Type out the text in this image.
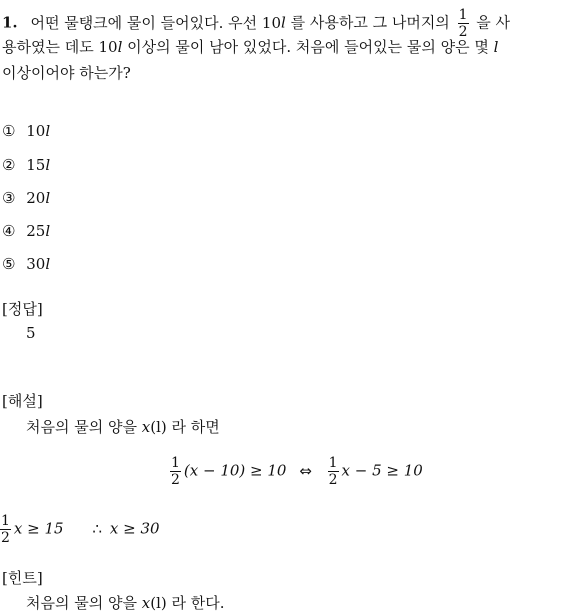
1. 어떤 물탱크에 물이 들어있다. 우선 10l 를 사용하고 그 나머지의 $\frac{1}{2}$ 을 사
용하였는 데도 10l 이상의 물이 남아 있었다. 처음에 들어있는 물의 양은 몇 l
이상이어야 하는가?
① 10l
② 15l
③ 20l
④ 25l
⑤ 30l
[정답]
5
[해설]
처음의 물의 양을 x(l) 라 하면
$\frac{1}{2} (x - 10) \ge 10$ ⇔ $\frac{1}{2}$ x − 5 ≥ 10
$\frac{1}{2}$ x ≥ 15 ∴ x ≥ 30
[힌트]
처음의 물의 양을 x(l) 라 한다.
